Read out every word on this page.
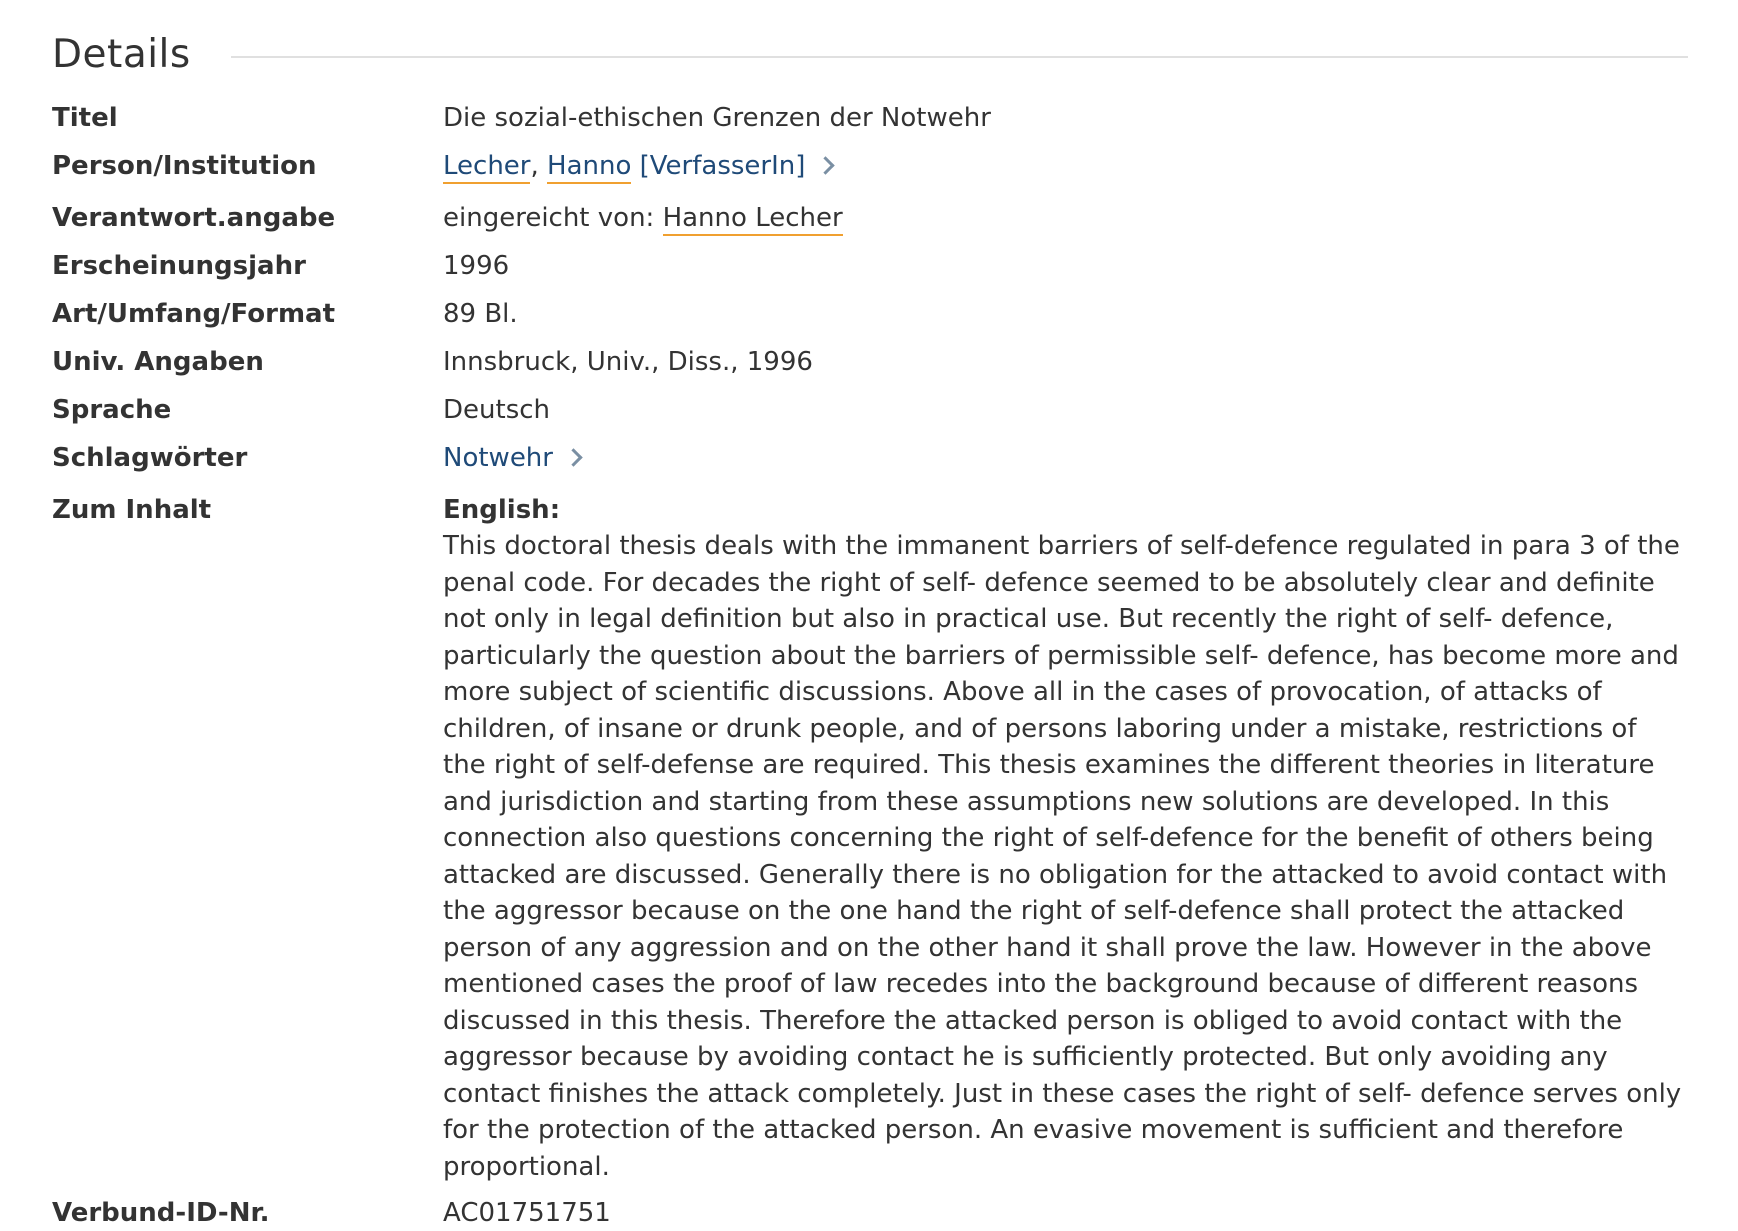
Details
Titel	Die sozial-ethischen Grenzen der Notwehr
Person/Institution	Lecher, Hanno [VerfasserIn]
Verantwort.angabe	eingereicht von: Hanno Lecher
Erscheinungsjahr	1996
Art/Umfang/Format	89 Bl.
Univ. Angaben	Innsbruck, Univ., Diss., 1996
Sprache	Deutsch
Schlagwörter	Notwehr
Zum Inhalt	English:

This doctoral thesis deals with the immanent barriers of self-defence regulated in para 3 of the penal code. For decades the right of self- defence seemed to be absolutely clear and definite not only in legal definition but also in practical use. But recently the right of self- defence, particularly the question about the barriers of permissible self- defence, has become more and more subject of scientific discussions. Above all in the cases of provocation, of attacks of children, of insane or drunk people, and of persons laboring under a mistake, restrictions of the right of self-defense are required. This thesis examines the different theories in literature and jurisdiction and starting from these assumptions new solutions are developed. In this connection also questions concerning the right of self-defence for the benefit of others being attacked are discussed. Generally there is no obligation for the attacked to avoid contact with the aggressor because on the one hand the right of self-defence shall protect the attacked person of any aggression and on the other hand it shall prove the law. However in the above mentioned cases the proof of law recedes into the background because of different reasons discussed in this thesis. Therefore the attacked person is obliged to avoid contact with the aggressor because by avoiding contact he is sufficiently protected. But only avoiding any contact finishes the attack completely. Just in these cases the right of self- defence serves only for the protection of the attacked person. An evasive movement is sufficient and therefore proportional.

Verbund-ID-Nr.	AC01751751
